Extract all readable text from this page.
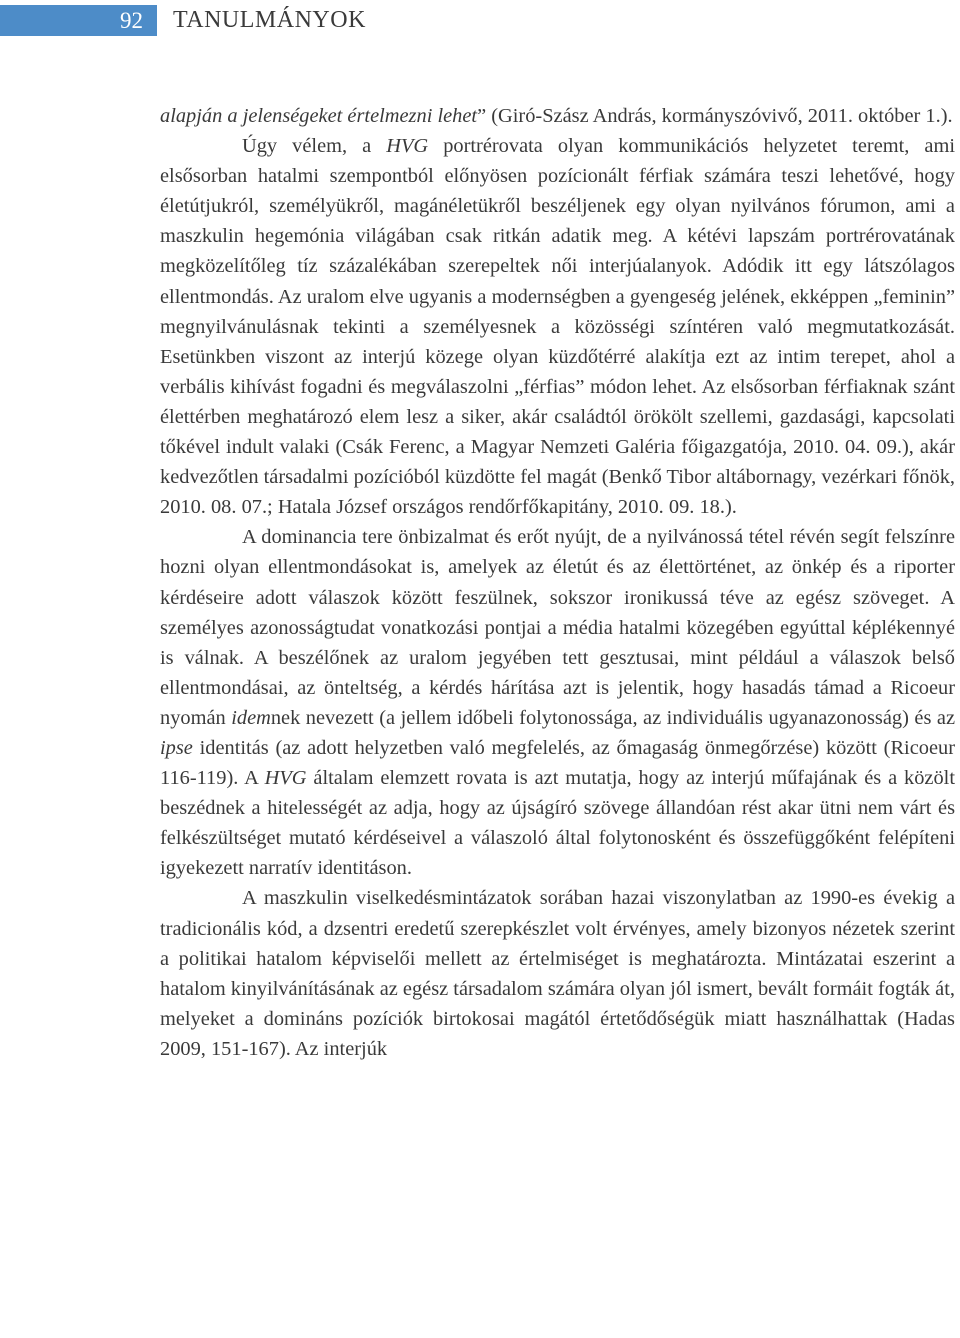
92	TANULMÁNYOK

alapján a jelenségeket értelmezni lehet” (Giró-Szász András, kormányszóvivő, 2011. október 1.).

Úgy vélem, a HVG portrérovata olyan kommunikációs helyzetet teremt, ami elsősorban hatalmi szempontból előnyösen pozícionált férfiak számára teszi lehetővé, hogy életútjukról, személyükről, magánéletükről beszéljenek egy olyan nyilvános fórumon, ami a maszkulin hegemónia világában csak ritkán adatik meg. A kétévi lapszám portrérovatának megközelítőleg tíz százalékában szerepeltek női interjúalanyok. Adódik itt egy látszólagos ellentmondás. Az uralom elve ugyanis a modernségben a gyengeség jelének, ekképpen „feminin” megnyilvánulásnak tekinti a személyesnek a közösségi színtéren való megmutatkozását. Esetünkben viszont az interjú közege olyan küzdőtérré alakítja ezt az intim terepet, ahol a verbális kihívást fogadni és megválaszolni „férfias” módon lehet. Az elsősorban férfiaknak szánt élettérben meghatározó elem lesz a siker, akár családtól örökölt szellemi, gazdasági, kapcsolati tőkével indult valaki (Csák Ferenc, a Magyar Nemzeti Galéria főigazgatója, 2010. 04. 09.), akár kedvezőtlen társadalmi pozícióból küzdötte fel magát (Benkő Tibor altábornagy, vezérkari főnök, 2010. 08. 07.; Hatala József országos rendőrfőkapitány, 2010. 09. 18.).

A dominancia tere önbizalmat és erőt nyújt, de a nyilvánossá tétel révén segít felszínre hozni olyan ellentmondásokat is, amelyek az életút és az élettörténet, az önkép és a riporter kérdéseire adott válaszok között feszülnek, sokszor ironikussá téve az egész szöveget. A személyes azonosságtudat vonatkozási pontjai a média hatalmi közegében egyúttal képlékennyé is válnak. A beszélőnek az uralom jegyében tett gesztusai, mint például a válaszok belső ellentmondásai, az önteltség, a kérdés hárítása azt is jelentik, hogy hasadás támad a Ricoeur nyomán idemnek nevezett (a jellem időbeli folytonossága, az individuális ugyanazonosság) és az ipse identitás (az adott helyzetben való megfelelés, az őmagaság önmegőrzése) között (Ricoeur 116-119). A HVG általam elemzett rovata is azt mutatja, hogy az interjú műfajának és a közölt beszédnek a hitelességét az adja, hogy az újságíró szövege állandóan rést akar ütni nem várt és felkészültséget mutató kérdéseivel a válaszoló által folytonosként és összefüggőként felépíteni igyekezett narratív identitáson.

A maszkulin viselkedésmintázatok sorában hazai viszonylatban az 1990-es évekig a tradicionális kód, a dzsentri eredetű szerepkészlet volt érvényes, amely bizonyos nézetek szerint a politikai hatalom képviselői mellett az értelmiséget is meghatározta. Mintázatai eszerint a hatalom kinyilvánításának az egész társadalom számára olyan jól ismert, bevált formáit fogták át, melyeket a domináns pozíciók birtokosai magától értetődőségük miatt használhattak (Hadas 2009, 151-167). Az interjúk
